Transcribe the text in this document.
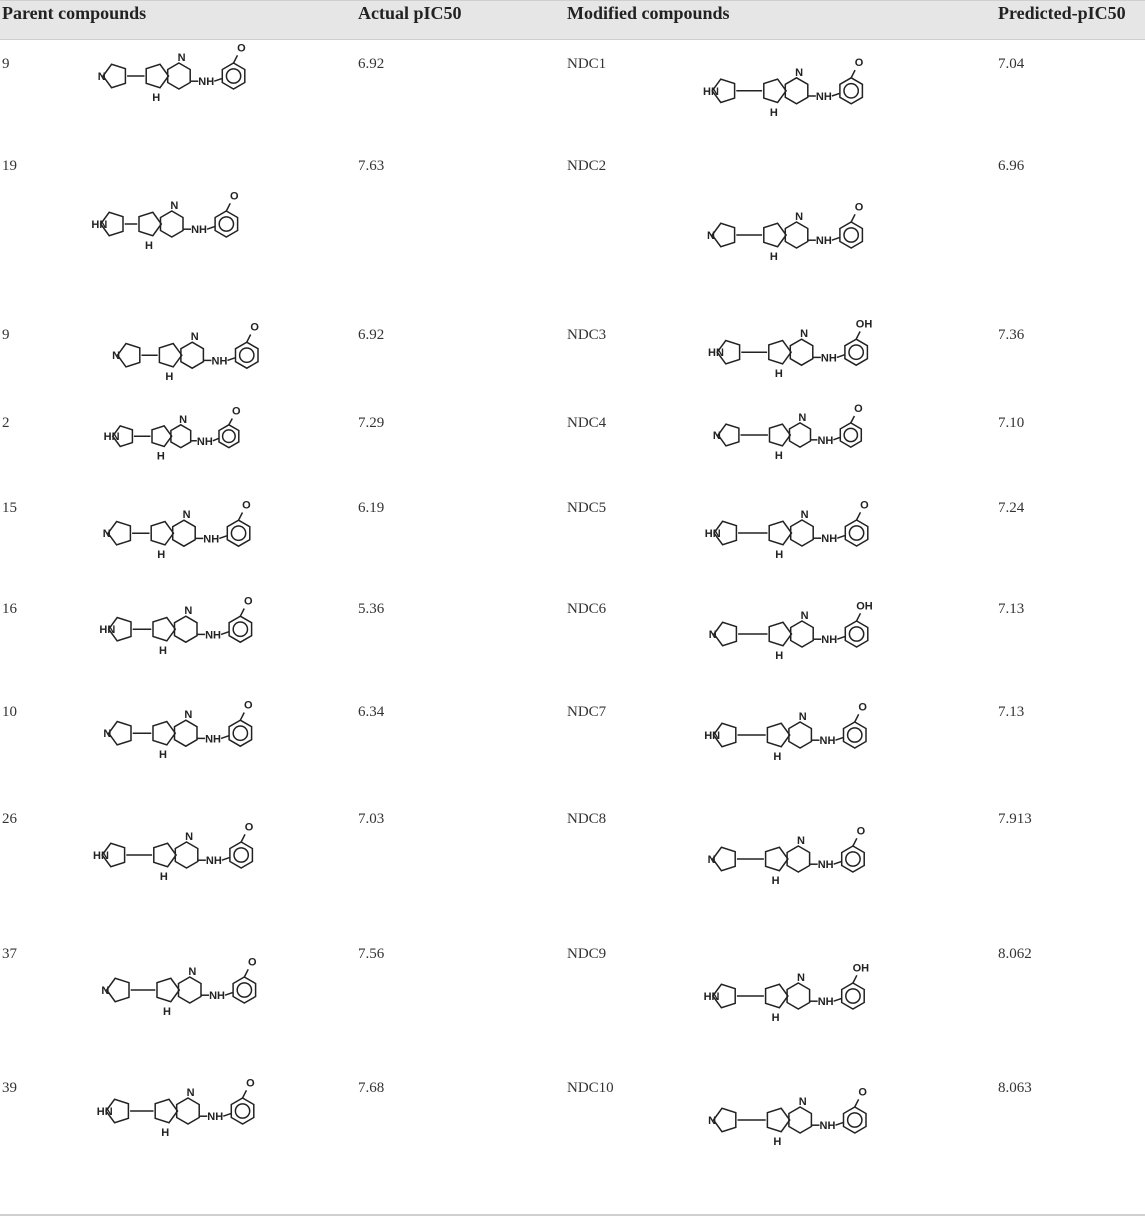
Parent compounds	Actual pIC50	Modified compounds	Predicted-pIC50
9	6.92	NDC1	7.04
N
H
N
NH
O
HN
H
N
NH
O
19	7.63	NDC2	6.96
HN
H
N
NH
O
N
H
N
NH
O
9	6.92	NDC3	7.36
N
H
N
NH
O
HN
H
N
NH
OH
2	7.29	NDC4	7.10
HN
H
N
NH
O
N
H
N
NH
O
15	6.19	NDC5	7.24
N
H
N
NH
O
HN
H
N
NH
O
16	5.36	NDC6	7.13
HN
H
N
NH
O
N
H
N
NH
OH
10	6.34	NDC7	7.13
N
H
N
NH
O
HN
H
N
NH
O
26	7.03	NDC8	7.913
HN
H
N
NH
O
N
H
N
NH
O
37	7.56	NDC9	8.062
N
H
N
NH
O
HN
H
N
NH
OH
39	7.68	NDC10	8.063
HN
H
N
NH
O
N
H
N
NH
O
